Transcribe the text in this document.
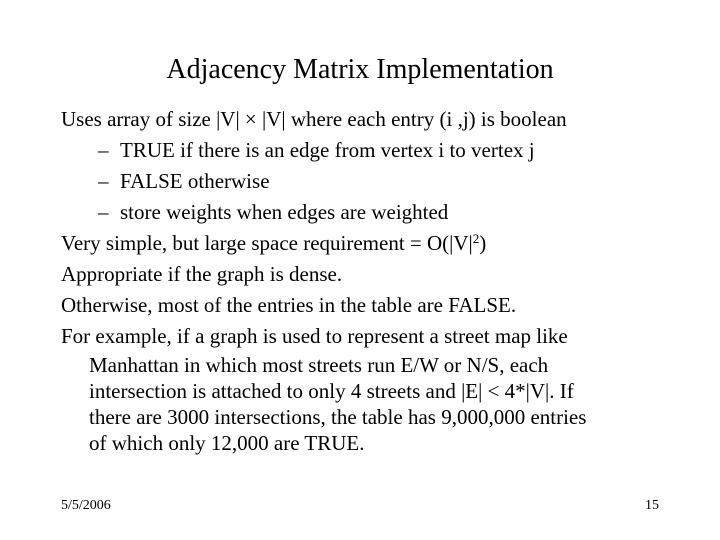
Adjacency Matrix Implementation
Uses array of size |V| × |V| where each entry (i ,j) is boolean
– TRUE if there is an edge from vertex i to vertex j
– FALSE otherwise
– store weights when edges are weighted
Very simple, but large space requirement = $O(|V|^2)$
Appropriate if the graph is dense.
Otherwise, most of the entries in the table are FALSE.
For example, if a graph is used to represent a street map like
Manhattan in which most streets run E/W or N/S, each
intersection is attached to only 4 streets and |E| < 4*|V|. If
there are 3000 intersections, the table has 9,000,000 entries
of which only 12,000 are TRUE.
5/5/2006	15
